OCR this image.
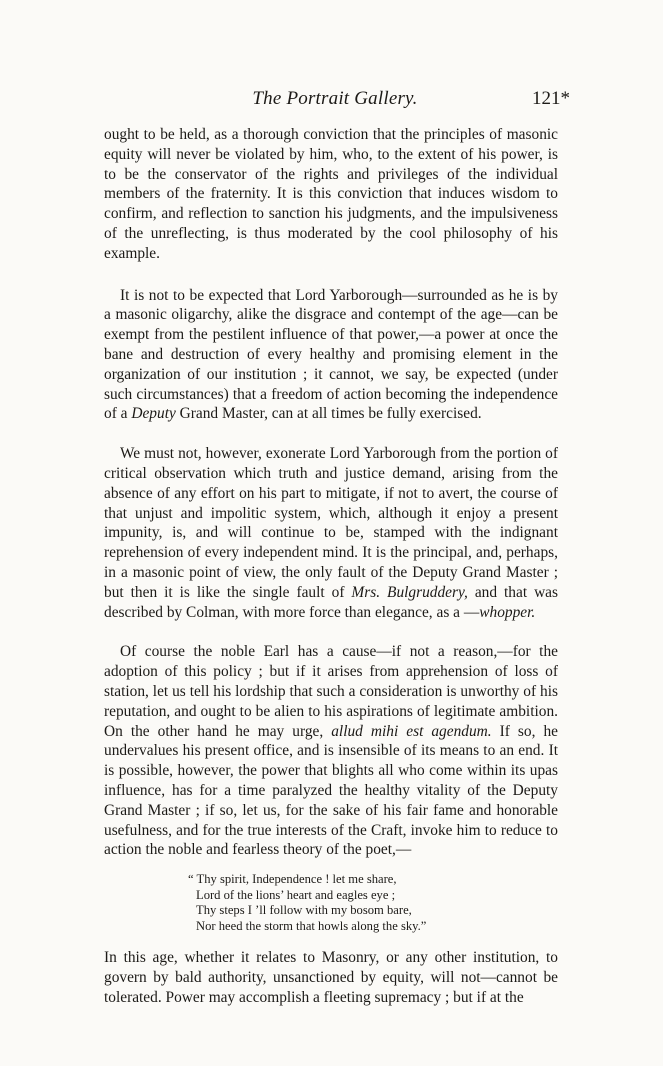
The Portrait Gallery.	121*

ought to be held, as a thorough conviction that the principles of masonic equity will never be violated by him, who, to the extent of his power, is to be the conservator of the rights and privileges of the individual members of the fraternity. It is this conviction that induces wisdom to confirm, and reflection to sanction his judgments, and the impulsiveness of the unreflecting, is thus moderated by the cool philosophy of his example.

It is not to be expected that Lord Yarborough—surrounded as he is by a masonic oligarchy, alike the disgrace and contempt of the age—can be exempt from the pestilent influence of that power,—a power at once the bane and destruction of every healthy and promising element in the organization of our institution ; it cannot, we say, be expected (under such circumstances) that a freedom of action becoming the independence of a Deputy Grand Master, can at all times be fully exercised.

We must not, however, exonerate Lord Yarborough from the portion of critical observation which truth and justice demand, arising from the absence of any effort on his part to mitigate, if not to avert, the course of that unjust and impolitic system, which, although it enjoy a present impunity, is, and will continue to be, stamped with the indignant reprehension of every independent mind. It is the principal, and, perhaps, in a masonic point of view, the only fault of the Deputy Grand Master ; but then it is like the single fault of Mrs. Bulgruddery, and that was described by Colman, with more force than elegance, as a —whopper.

Of course the noble Earl has a cause—if not a reason,—for the adoption of this policy ; but if it arises from apprehension of loss of station, let us tell his lordship that such a consideration is unworthy of his reputation, and ought to be alien to his aspirations of legitimate ambition. On the other hand he may urge, allud mihi est agendum. If so, he undervalues his present office, and is insensible of its means to an end. It is possible, however, the power that blights all who come within its upas influence, has for a time paralyzed the healthy vitality of the Deputy Grand Master ; if so, let us, for the sake of his fair fame and honorable usefulness, and for the true interests of the Craft, invoke him to reduce to action the noble and fearless theory of the poet,—

“ Thy spirit, Independence ! let me share,
Lord of the lions’ heart and eagles eye ;
Thy steps I ’ll follow with my bosom bare,
Nor heed the storm that howls along the sky.”

In this age, whether it relates to Masonry, or any other institution, to govern by bald authority, unsanctioned by equity, will not—cannot be tolerated. Power may accomplish a fleeting supremacy ; but if at the
